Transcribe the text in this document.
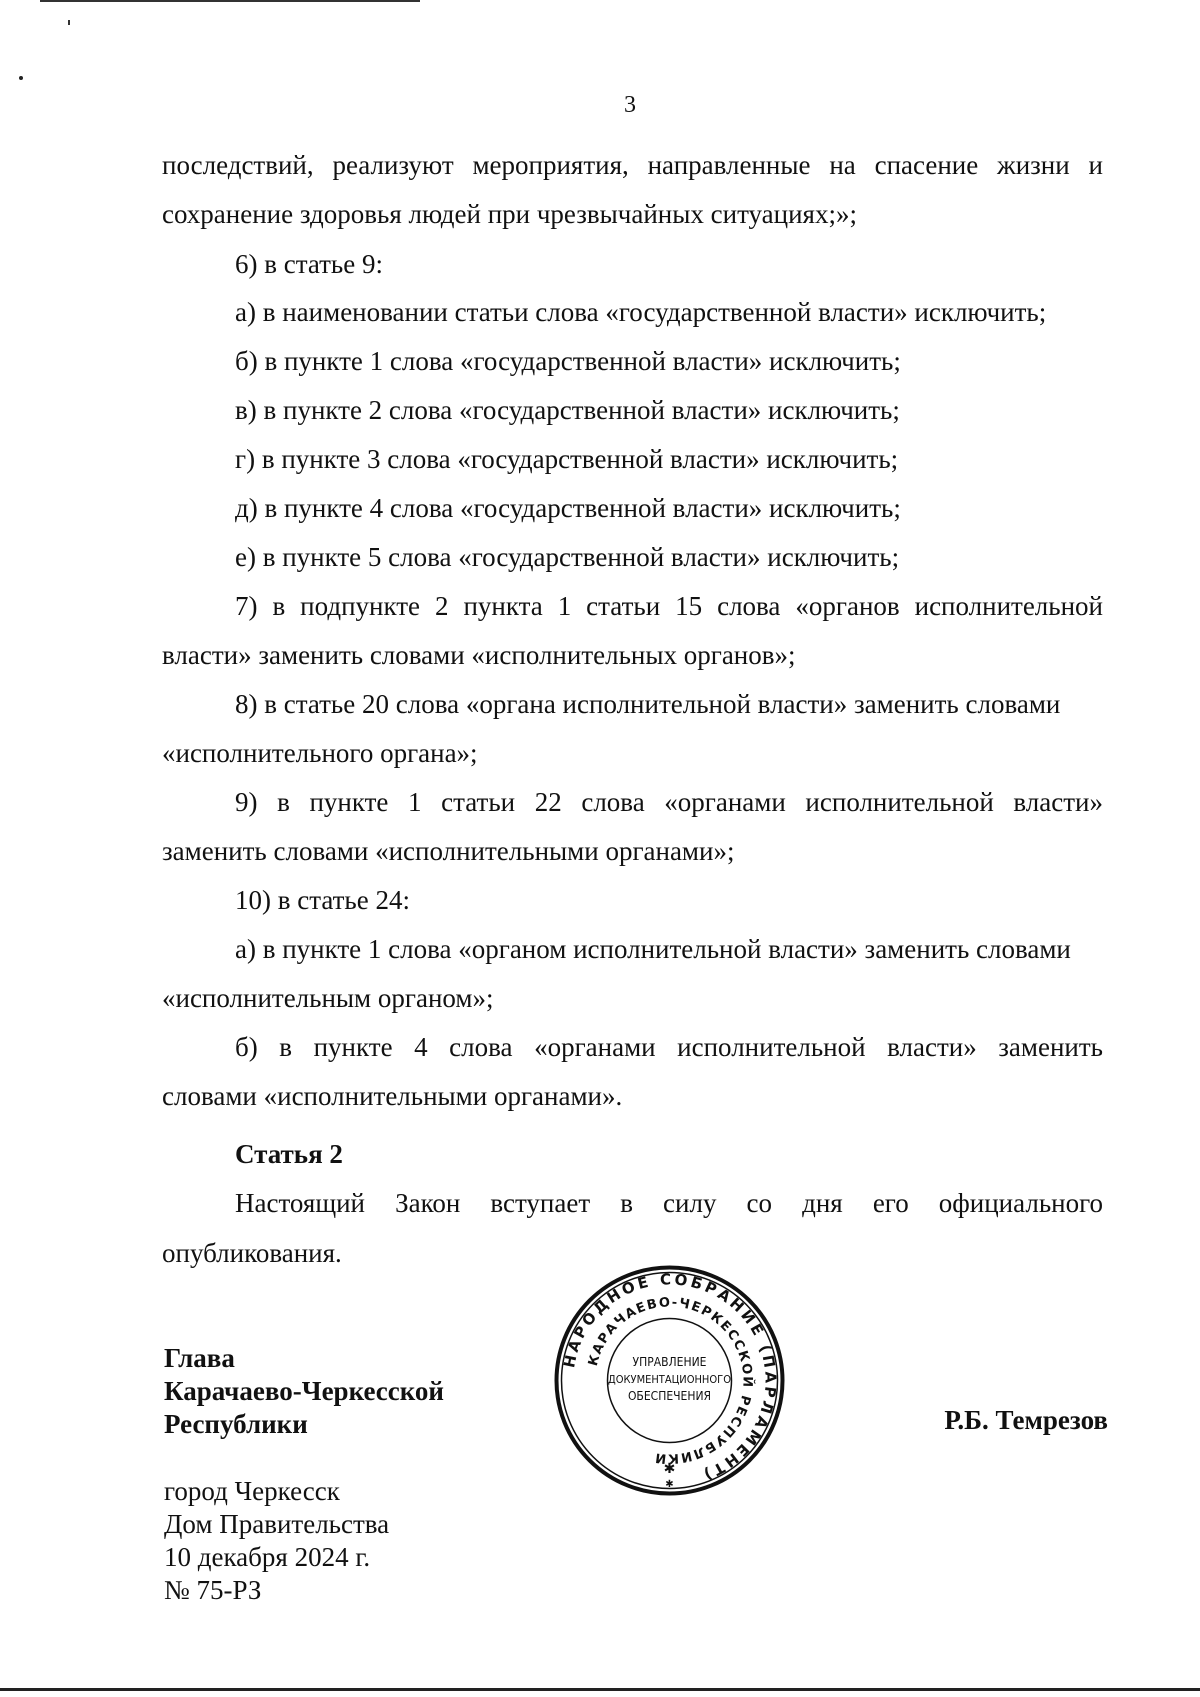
3
последствий, реализуют мероприятия, направленные на спасение жизни и
сохранение здоровья людей при чрезвычайных ситуациях;»;
6) в статье 9:
а) в наименовании статьи слова «государственной власти» исключить;
б) в пункте 1 слова «государственной власти» исключить;
в) в пункте 2 слова «государственной власти» исключить;
г) в пункте 3 слова «государственной власти» исключить;
д) в пункте 4 слова «государственной власти» исключить;
е) в пункте 5 слова «государственной власти» исключить;
7) в подпункте 2 пункта 1 статьи 15 слова «органов исполнительной
власти» заменить словами «исполнительных органов»;
8) в статье 20 слова «органа исполнительной власти» заменить словами
«исполнительного органа»;
9) в пункте 1 статьи 22 слова «органами исполнительной власти»
заменить словами «исполнительными органами»;
10) в статье 24:
а) в пункте 1 слова «органом исполнительной власти» заменить словами
«исполнительным органом»;
б) в пункте 4 слова «органами исполнительной власти» заменить
словами «исполнительными органами».
Статья 2
Настоящий Закон вступает в силу со дня его официального
опубликования.
Глава
Карачаево-Черкесской
Республики	Р.Б. Темрезов
город Черкесск
Дом Правительства
10 декабря 2024 г.
№ 75-РЗ
НАРОДНОЕ СОБРАНИЕ (ПАРЛАМЕНТ)
КАРАЧАЕВО-ЧЕРКЕССКОЙ РЕСПУБЛИКИ
УПРАВЛЕНИЕ
ДОКУМЕНТАЦИОННОГО
ОБЕСПЕЧЕНИЯ
✱
✱
